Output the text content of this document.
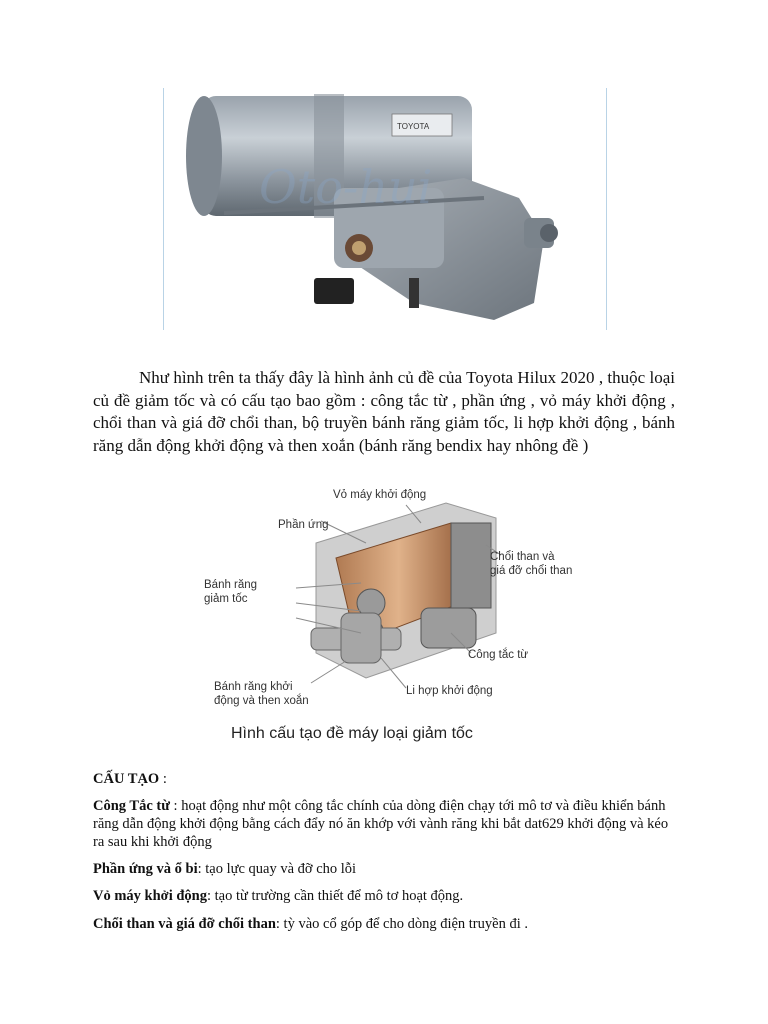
TOYOTA
Oto-hui

Như hình trên ta thấy đây là hình ảnh củ đề của Toyota Hilux 2020 , thuộc loại củ đề giảm tốc và có cấu tạo bao gồm : công tắc từ , phần ứng , vỏ máy khởi động , chổi than và giá đỡ chổi than, bộ truyền bánh răng giảm tốc, li hợp khởi động , bánh răng dẫn động khởi động và then xoắn (bánh răng bendix hay nhông đề )

Vỏ máy khởi động
Phần ứng
Chổi than và
giá đỡ chổi than
Bánh răng
giảm tốc
Công tắc từ
Bánh răng khởi
động và then xoắn
Li hợp khởi động
Hình cấu tạo đề máy loại giảm tốc

CẤU TẠO :

Công Tắc từ : hoạt động như một công tắc chính của dòng điện chạy tới mô tơ và điều khiển bánh răng dẫn động khởi động bằng cách đẩy nó ăn khớp với vành răng khi bắt dat629 khởi động và kéo ra sau khi khởi động

Phần ứng và ổ bi: tạo lực quay và đỡ cho lỗi

Vỏ máy khởi động: tạo từ trường cần thiết để mô tơ hoạt động.

Chổi than và giá đỡ chổi than: tỳ vào cổ góp để cho dòng điện truyền đi .
